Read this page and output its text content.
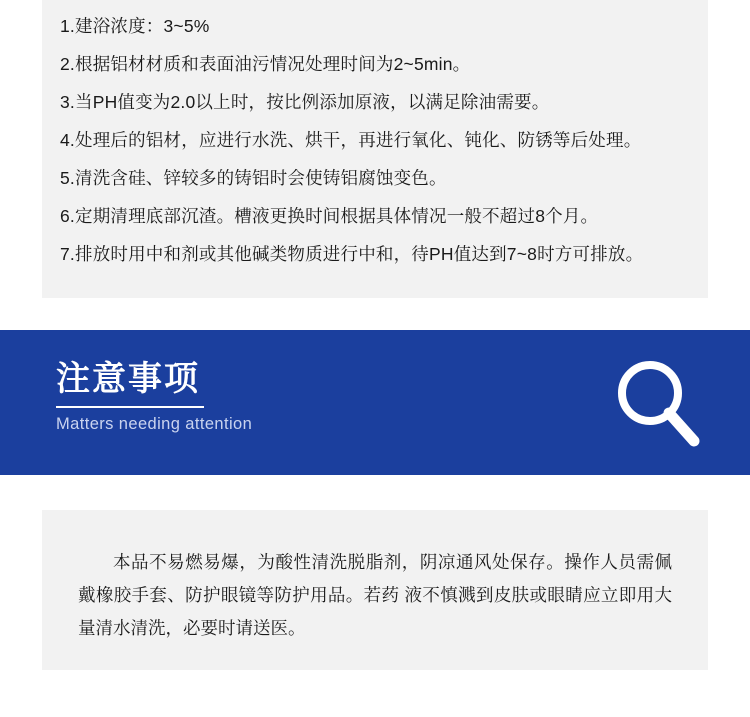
1.建浴浓度：3~5%
2.根据铝材材质和表面油污情况处理时间为2~5min。
3.当PH值变为2.0以上时，按比例添加原液，以满足除油需要。
4.处理后的铝材，应进行水洗、烘干，再进行氧化、钝化、防锈等后处理。
5.清洗含硅、锌较多的铸铝时会使铸铝腐蚀变色。
6.定期清理底部沉渣。槽液更换时间根据具体情况一般不超过8个月。
7.排放时用中和剂或其他碱类物质进行中和，待PH值达到7~8时方可排放。
注意事项
Matters needing attention

本品不易燃易爆，为酸性清洗脱脂剂，阴凉通风处保存。操作人员需佩戴橡胶手套、防护眼镜等防护用品。若药 液不慎溅到皮肤或眼睛应立即用大量清水清洗，必要时请送医。
